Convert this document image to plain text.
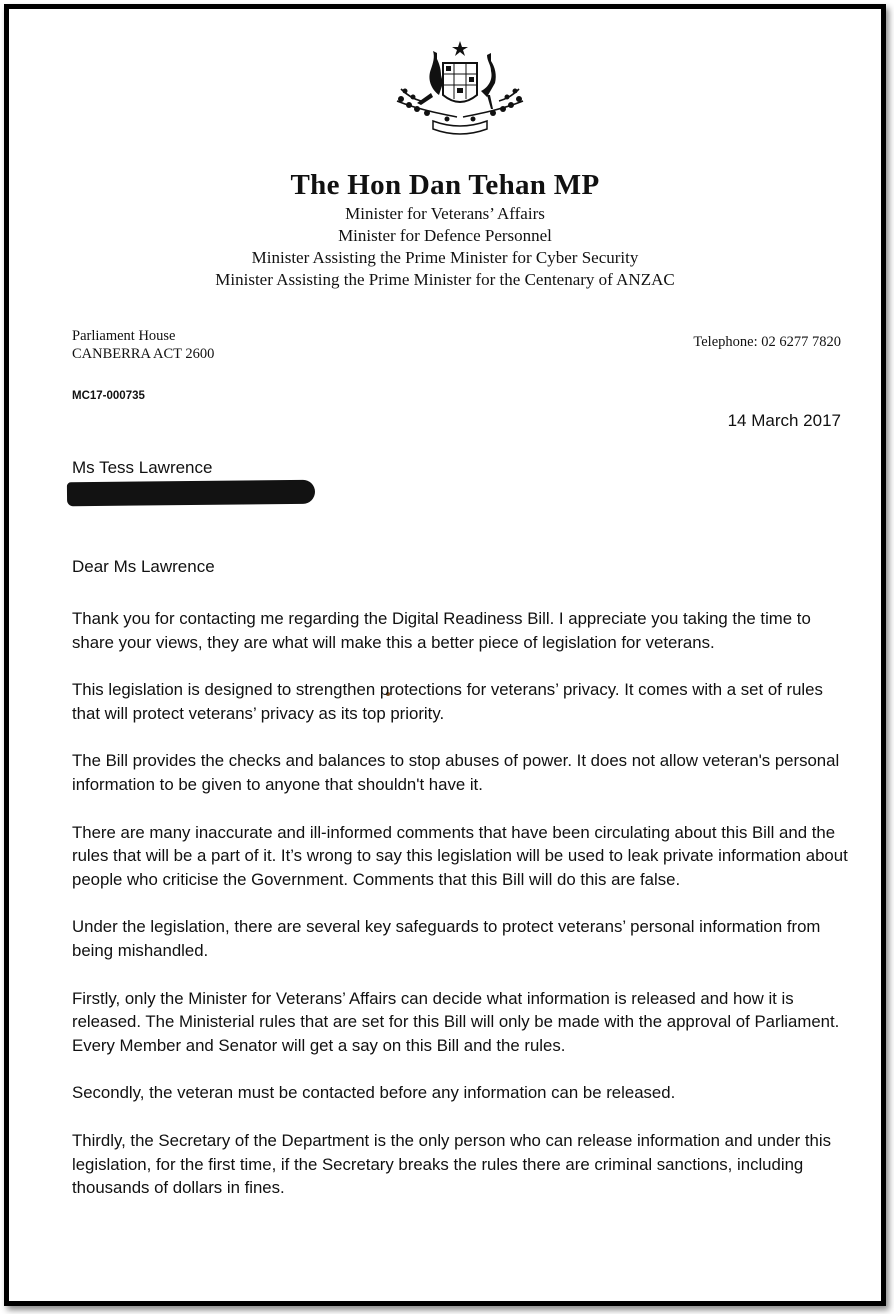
The Hon Dan Tehan MP
Minister for Veterans’ Affairs
Minister for Defence Personnel
Minister Assisting the Prime Minister for Cyber Security
Minister Assisting the Prime Minister for the Centenary of ANZAC
Parliament House
CANBERRA ACT 2600
Telephone: 02 6277 7820
MC17-000735
14 March 2017
Ms Tess Lawrence
Dear Ms Lawrence

Thank you for contacting me regarding the Digital Readiness Bill. I appreciate you taking the time to share your views, they are what will make this a better piece of legislation for veterans.

This legislation is designed to strengthen protections for veterans’ privacy. It comes with a set of rules that will protect veterans’ privacy as its top priority.

The Bill provides the checks and balances to stop abuses of power. It does not allow veteran's personal information to be given to anyone that shouldn't have it.

There are many inaccurate and ill-informed comments that have been circulating about this Bill and the rules that will be a part of it. It’s wrong to say this legislation will be used to leak private information about people who criticise the Government. Comments that this Bill will do this are false.

Under the legislation, there are several key safeguards to protect veterans’ personal information from being mishandled.

Firstly, only the Minister for Veterans’ Affairs can decide what information is released and how it is released. The Ministerial rules that are set for this Bill will only be made with the approval of Parliament. Every Member and Senator will get a say on this Bill and the rules.

Secondly, the veteran must be contacted before any information can be released.

Thirdly, the Secretary of the Department is the only person who can release information and under this legislation, for the first time, if the Secretary breaks the rules there are criminal sanctions, including thousands of dollars in fines.
